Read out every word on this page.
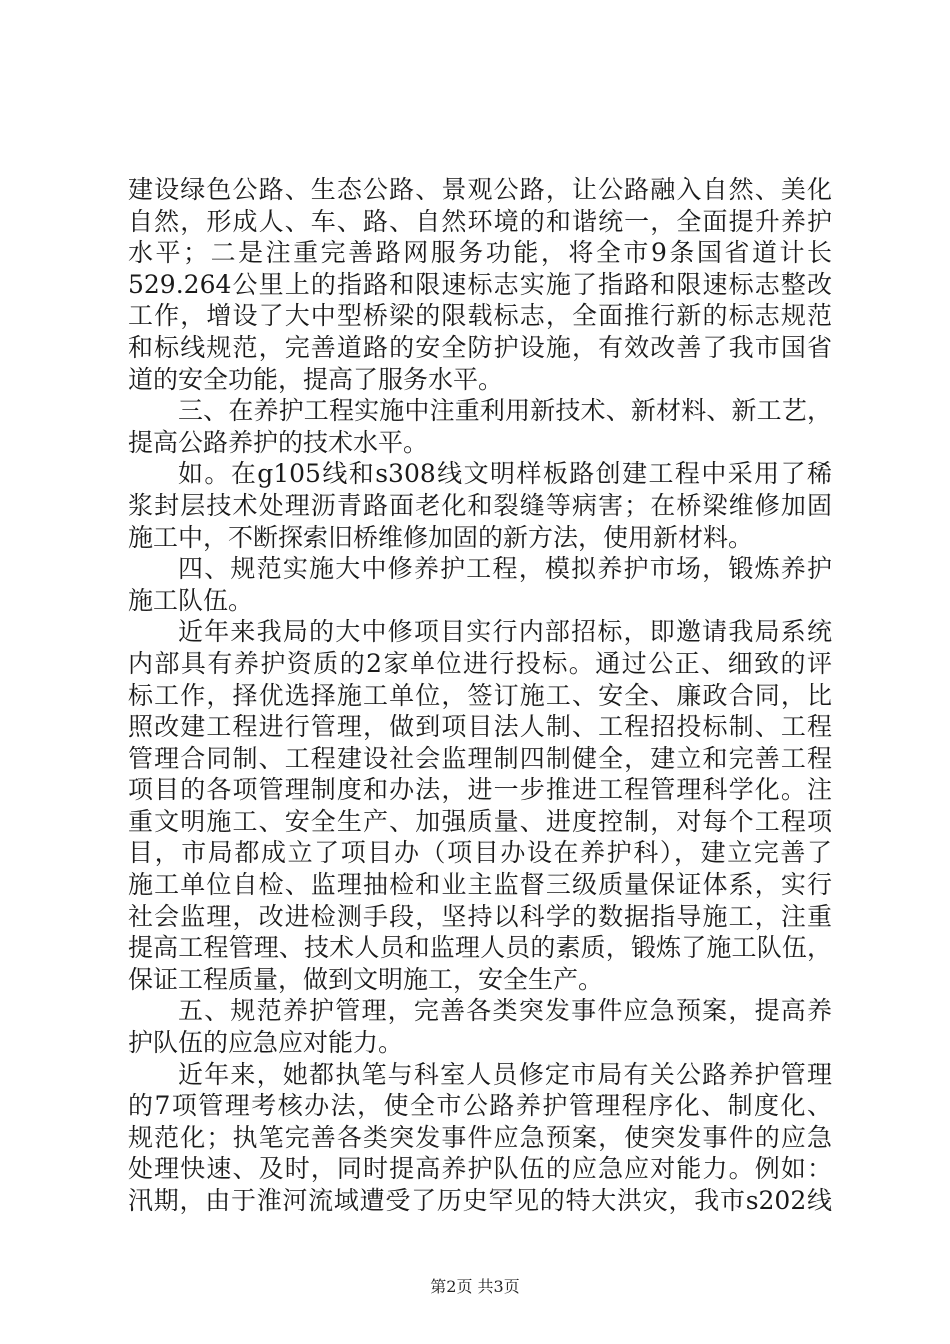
建设绿色公路、生态公路、景观公路，让公路融入自然、美化
自然，形成人、车、路、自然环境的和谐统一，全面提升养护
水平；二是注重完善路网服务功能，将全市9条国省道计长
529.264公里上的指路和限速标志实施了指路和限速标志整改
工作，增设了大中型桥梁的限载标志，全面推行新的标志规范
和标线规范，完善道路的安全防护设施，有效改善了我市国省
道的安全功能，提高了服务水平。
三、在养护工程实施中注重利用新技术、新材料、新工艺，
提高公路养护的技术水平。
如。在g105线和s308线文明样板路创建工程中采用了稀
浆封层技术处理沥青路面老化和裂缝等病害；在桥梁维修加固
施工中，不断探索旧桥维修加固的新方法，使用新材料。
四、规范实施大中修养护工程，模拟养护市场，锻炼养护
施工队伍。
近年来我局的大中修项目实行内部招标，即邀请我局系统
内部具有养护资质的2家单位进行投标。通过公正、细致的评
标工作，择优选择施工单位，签订施工、安全、廉政合同，比
照改建工程进行管理，做到项目法人制、工程招投标制、工程
管理合同制、工程建设社会监理制四制健全，建立和完善工程
项目的各项管理制度和办法，进一步推进工程管理科学化。注
重文明施工、安全生产、加强质量、进度控制，对每个工程项
目，市局都成立了项目办（项目办设在养护科），建立完善了
施工单位自检、监理抽检和业主监督三级质量保证体系，实行
社会监理，改进检测手段，坚持以科学的数据指导施工，注重
提高工程管理、技术人员和监理人员的素质，锻炼了施工队伍，
保证工程质量，做到文明施工，安全生产。
五、规范养护管理，完善各类突发事件应急预案，提高养
护队伍的应急应对能力。
近年来，她都执笔与科室人员修定市局有关公路养护管理
的7项管理考核办法，使全市公路养护管理程序化、制度化、
规范化；执笔完善各类突发事件应急预案，使突发事件的应急
处理快速、及时，同时提高养护队伍的应急应对能力。例如：
汛期，由于淮河流域遭受了历史罕见的特大洪灾，我市s202线
第2页 共3页
